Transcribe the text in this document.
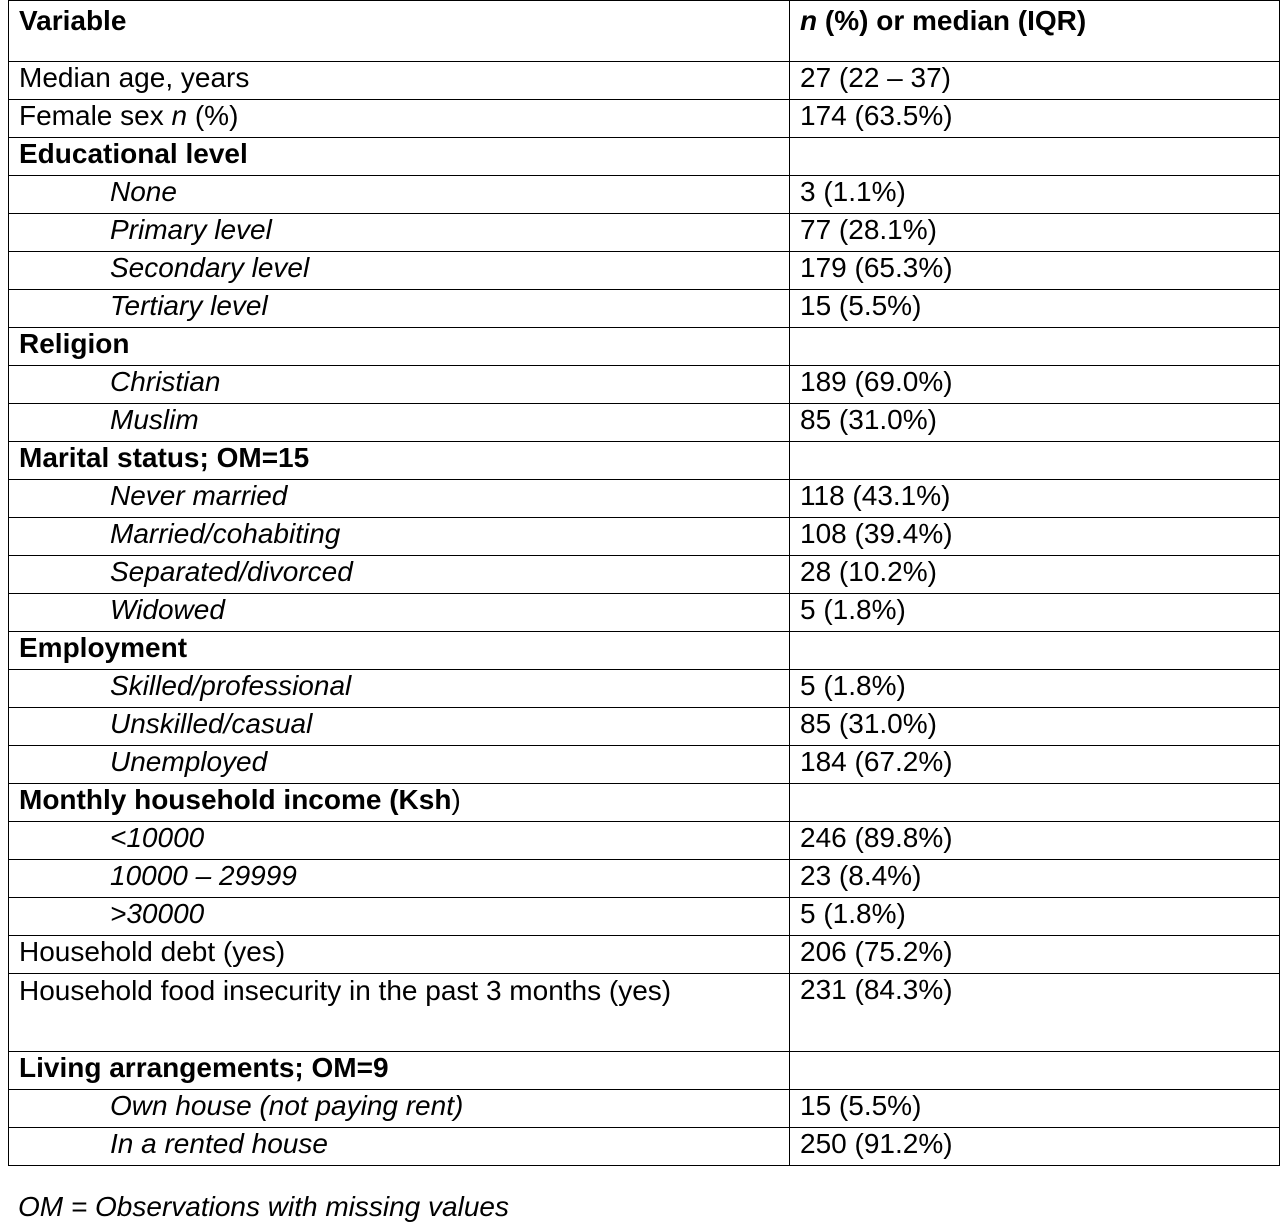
Variable	n (%) or median (IQR)
Median age, years	27 (22 – 37)
Female sex n (%)	174 (63.5%)
Educational level	
None	3 (1.1%)
Primary level	77 (28.1%)
Secondary level	179 (65.3%)
Tertiary level	15 (5.5%)
Religion	
Christian	189 (69.0%)
Muslim	85 (31.0%)
Marital status; OM=15	
Never married	118 (43.1%)
Married/cohabiting	108 (39.4%)
Separated/divorced	28 (10.2%)
Widowed	5 (1.8%)
Employment	
Skilled/professional	5 (1.8%)
Unskilled/casual	85 (31.0%)
Unemployed	184 (67.2%)
Monthly household income (Ksh)	
<10000	246 (89.8%)
10000 – 29999	23 (8.4%)
>30000	5 (1.8%)
Household debt (yes)	206 (75.2%)
Household food insecurity in the past 3 months (yes)	231 (84.3%)
Living arrangements; OM=9	
Own house (not paying rent)	15 (5.5%)
In a rented house	250 (91.2%)
OM = Observations with missing values
